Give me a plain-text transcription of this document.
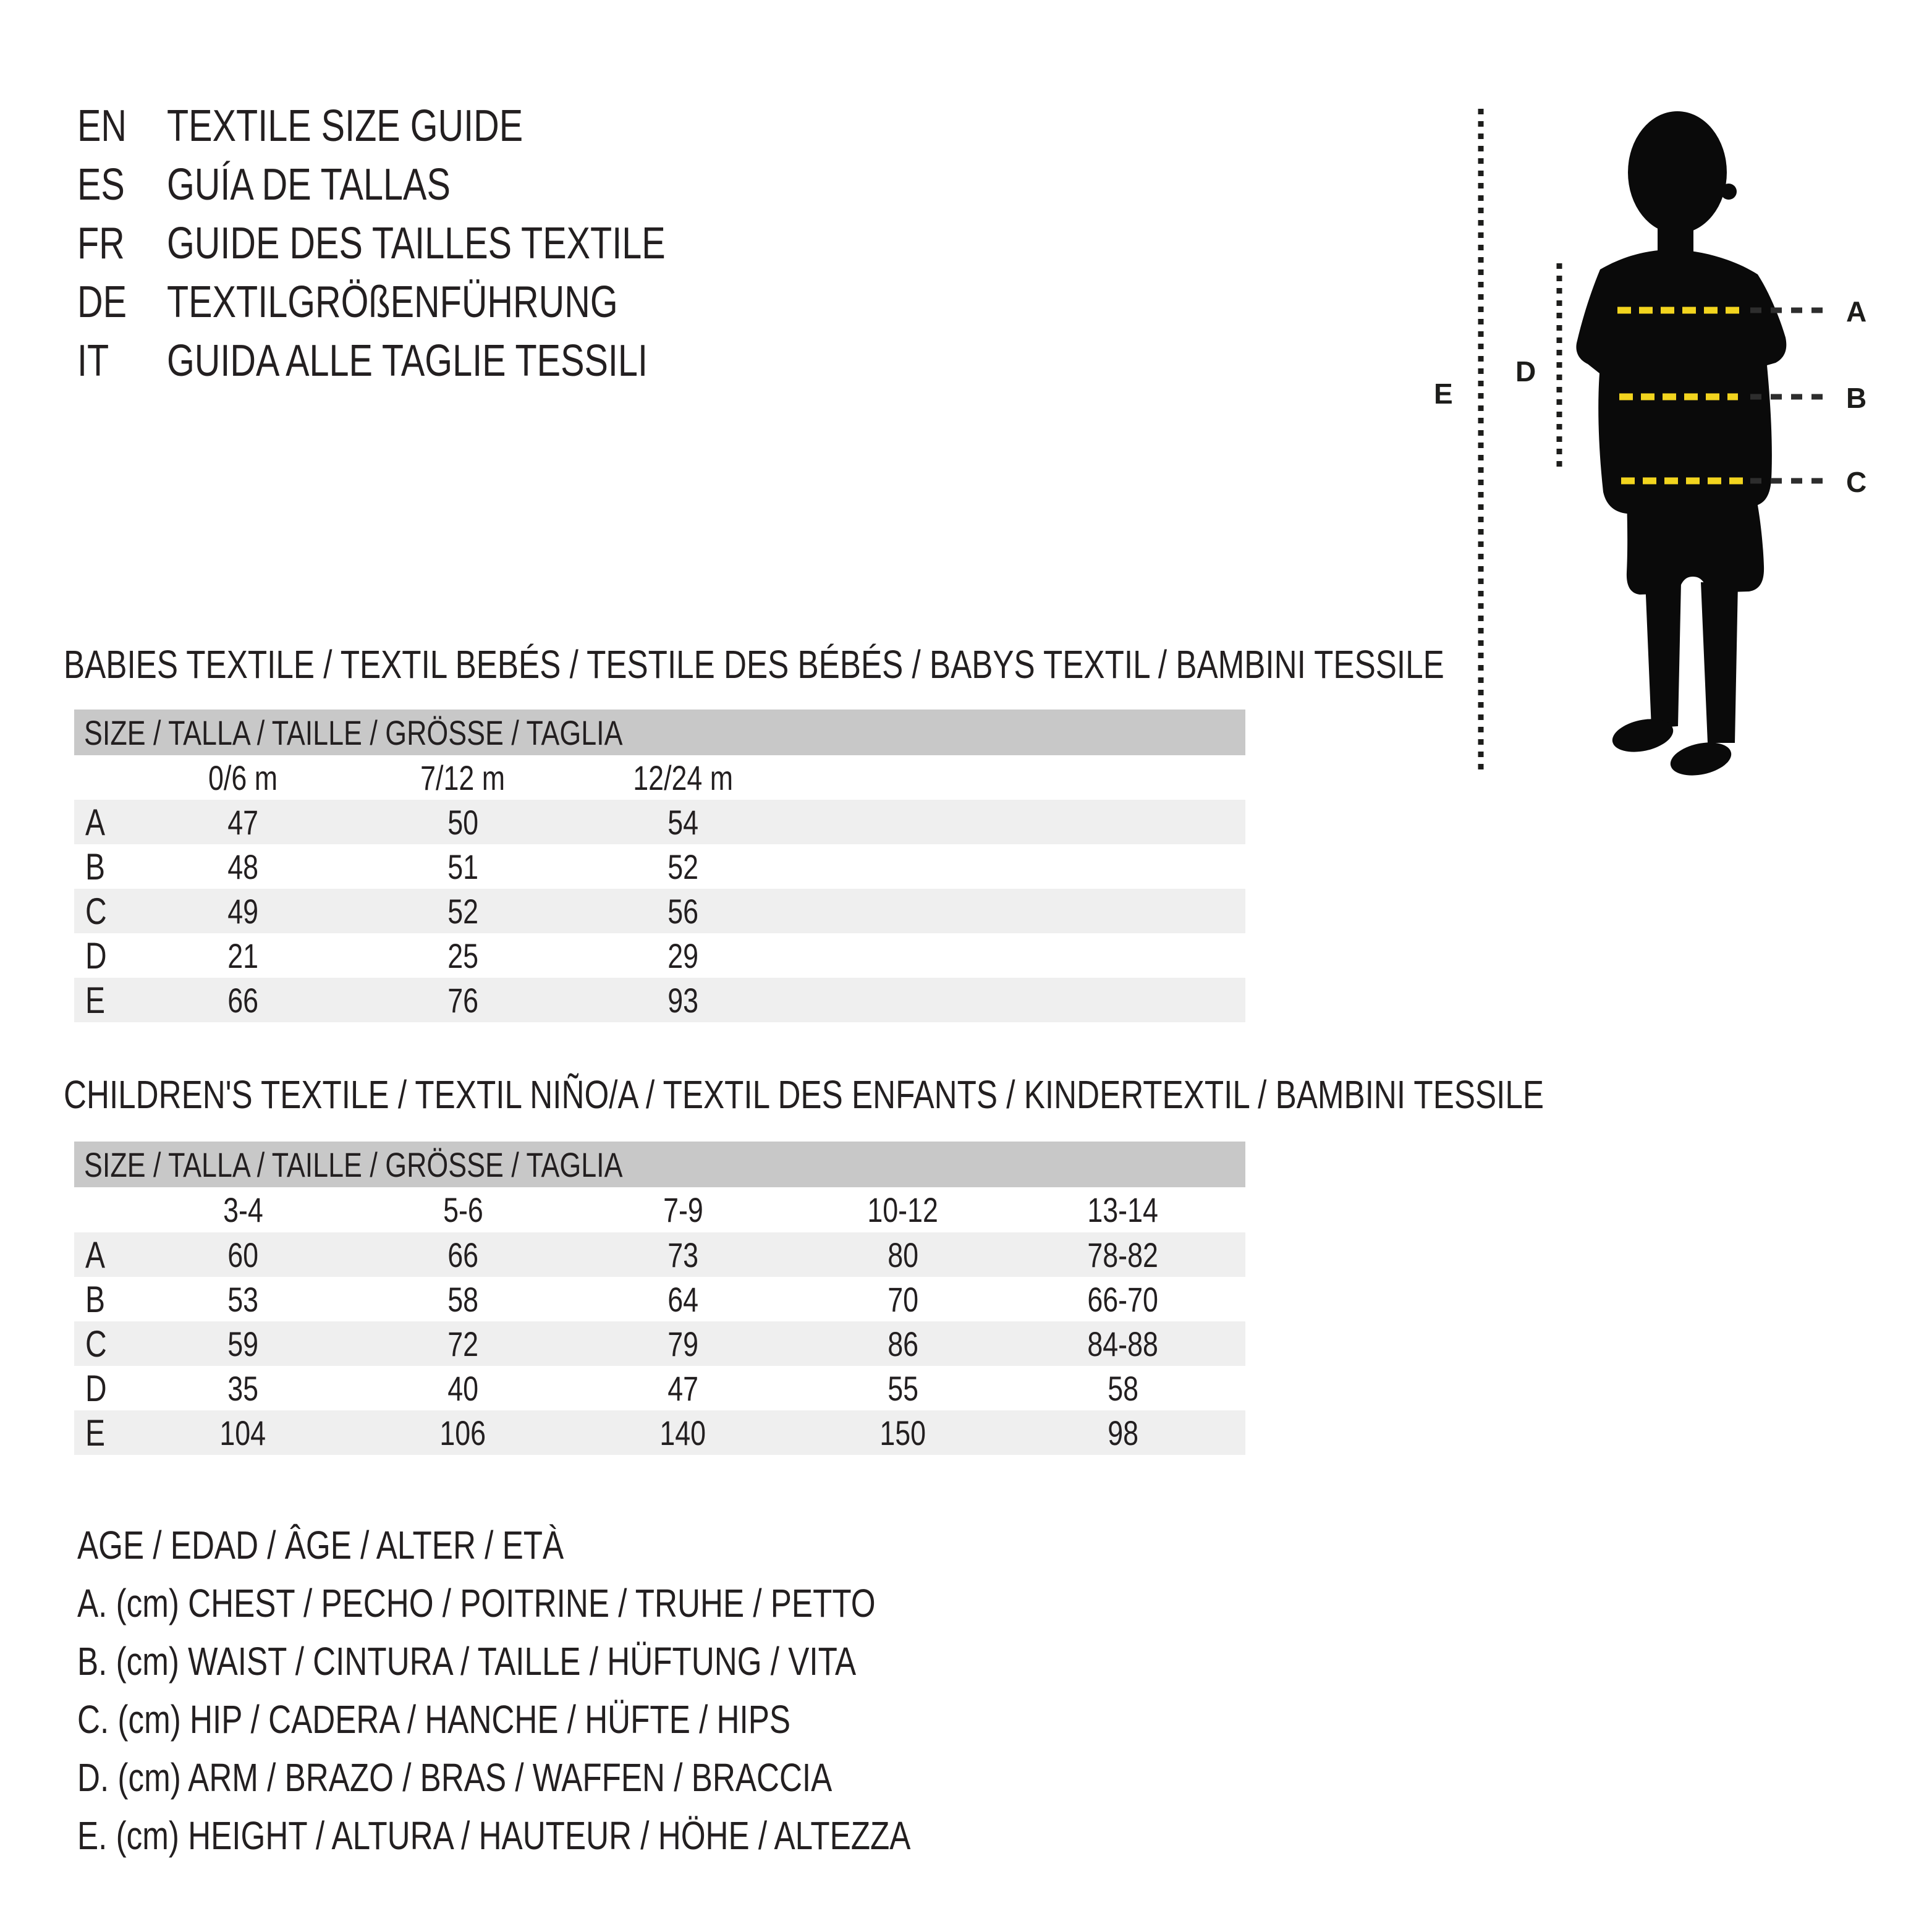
EN TEXTILE SIZE GUIDE
ES GUÍA DE TALLAS
FR GUIDE DES TAILLES TEXTILE
DE TEXTILGRÖßENFÜHRUNG
IT	GUIDA ALLE TAGLIE TESSILI
A
B
C
D
E
BABIES TEXTILE / TEXTIL BEBÉS / TESTILE DES BÉBÉS / BABYS TEXTIL / BAMBINI TESSILE
SIZE / TALLA / TAILLE / GRÖSSE / TAGLIA
0/6 m	7/12 m	12/24 m
A	47	50	54
B	48	51	52
C	49	52	56
D	21	25	29
E	66	76	93
CHILDREN'S TEXTILE / TEXTIL NIÑO/A / TEXTIL DES ENFANTS / KINDERTEXTIL / BAMBINI TESSILE
SIZE / TALLA / TAILLE / GRÖSSE / TAGLIA
3-4	5-6	7-9	10-12	13-14
A	60	66	73	80	78-82
B	53	58	64	70	66-70
C	59	72	79	86	84-88
D	35	40	47	55	58
E	104	106	140	150	98
AGE / EDAD / ÂGE / ALTER / ETÀ
A. (cm) CHEST / PECHO / POITRINE / TRUHE / PETTO
B. (cm) WAIST / CINTURA / TAILLE / HÜFTUNG / VITA
C. (cm) HIP / CADERA / HANCHE / HÜFTE / HIPS
D. (cm) ARM / BRAZO / BRAS / WAFFEN / BRACCIA
E. (cm) HEIGHT / ALTURA / HAUTEUR / HÖHE / ALTEZZA
